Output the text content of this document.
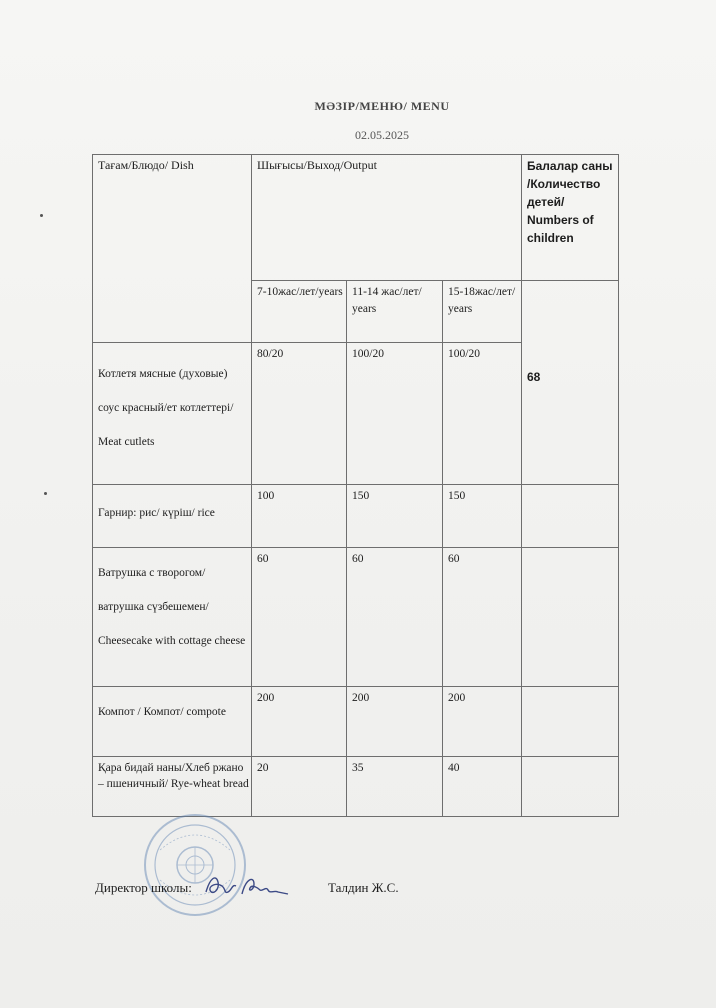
МӘЗІР/МЕНЮ/ MENU
02.05.2025
Тағам/Блюдо/ Dish	Шығысы/Выход/Output			Балалар саны /Количество детей/ Numbers of children
	7-10жас/лет/years	11-14 жас/лет/ years	15-18жас/лет/ years	68
Котлетя мясные (духовые) соус красный/ет котлеттері/ Meat cutlets	80/20	100/20	100/20	
Гарнир: рис/ күріш/ rice	100	150	150	
Ватрушка с творогом/ ватрушка сүзбешемен/ Cheesecake with cottage cheese	60	60	60	
Компот / Компот/ compote	200	200	200	
Қара бидай наны/Хлеб ржано – пшеничный/ Rye-wheat bread	20	35	40	
Директор школы:	Талдин Ж.С.
